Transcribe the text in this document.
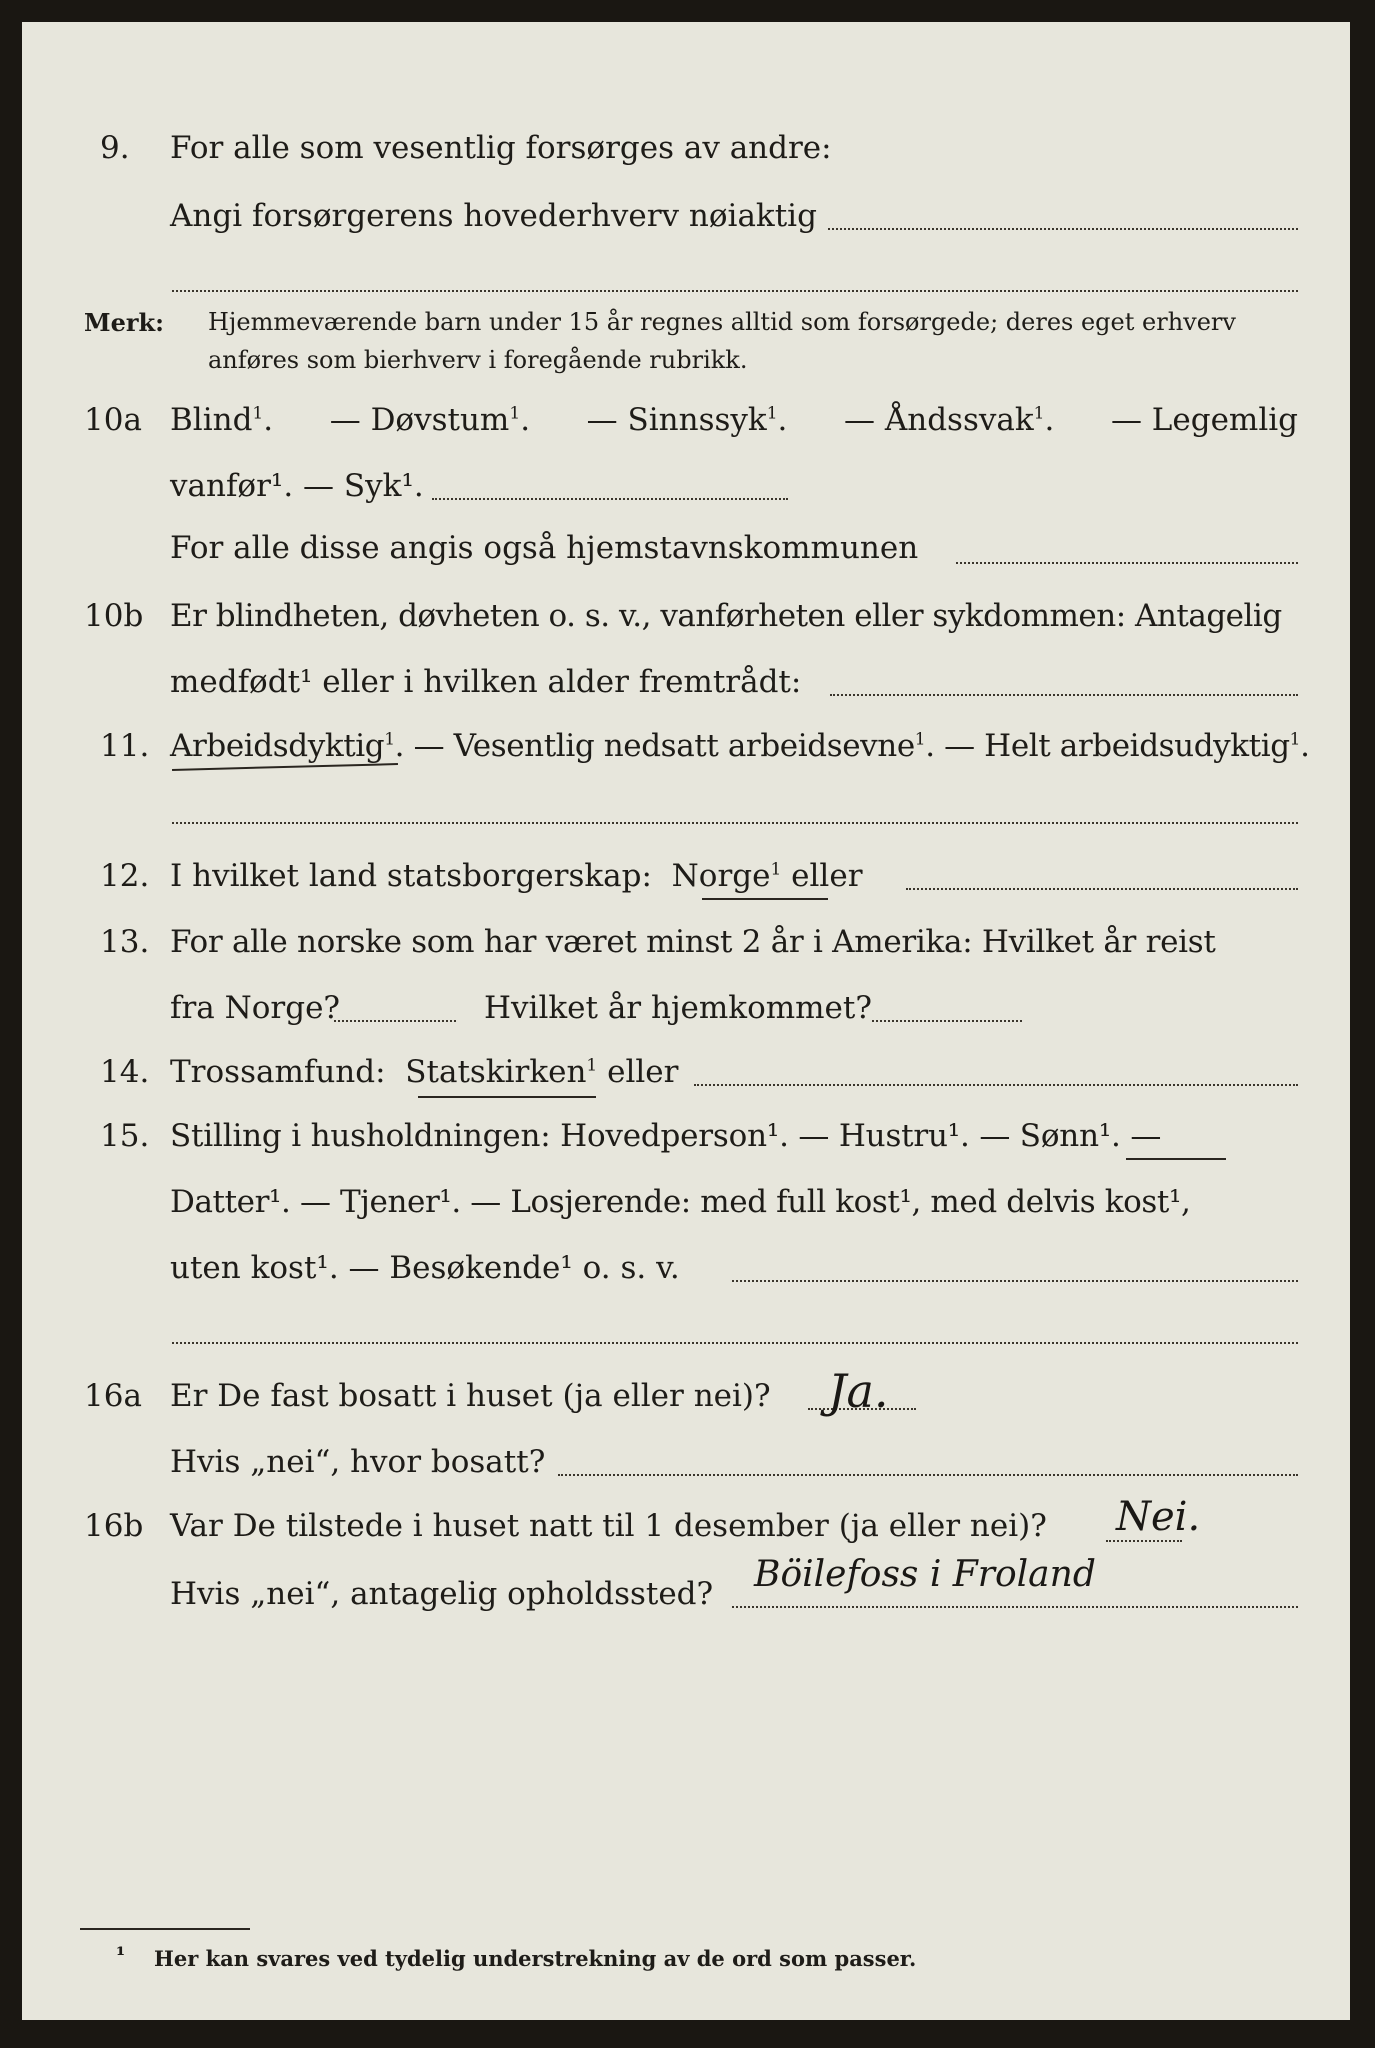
9. For alle som vesentlig forsørges av andre:
Angi forsørgerens hovederhverv nøiaktig
Merk: Hjemmeværende barn under 15 år regnes alltid som forsørgede; deres eget erhverv
anføres som bierhverv i foregående rubrikk.
10a Blind$^1$. — Døvstum$^1$. — Sinnssyk$^1$. — Åndssvak$^1$. — Legemlig
vanfør¹. — Syk¹.
For alle disse angis også hjemstavnskommunen
10b Er blindheten, døvheten o. s. v., vanførheten eller sykdommen: Antagelig
medfødt¹ eller i hvilken alder fremtrådt:
11. Arbeidsdyktig$^1$. — Vesentlig nedsatt arbeidsevne$^1$. — Helt arbeidsudyktig$^1$.
12. I hvilket land statsborgerskap: Norge$^1$ eller
13. For alle norske som har været minst 2 år i Amerika: Hvilket år reist
fra Norge?	Hvilket år hjemkommet?
14. Trossamfund: Statskirken$^1$ eller
15. Stilling i husholdningen: Hovedperson¹. — Hustru¹. — Sønn¹. —
Datter¹. — Tjener¹. — Losjerende: med full kost¹, med delvis kost¹,
uten kost¹. — Besøkende¹ o. s. v.
16a Er De fast bosatt i huset (ja eller nei)? Ja.
Hvis „nei“, hvor bosatt?
16b Var De tilstede i huset natt til 1 desember (ja eller nei)? Nei.
Hvis „nei“, antagelig opholdssted? Böilefoss i Froland
¹ Her kan svares ved tydelig understrekning av de ord som passer.
